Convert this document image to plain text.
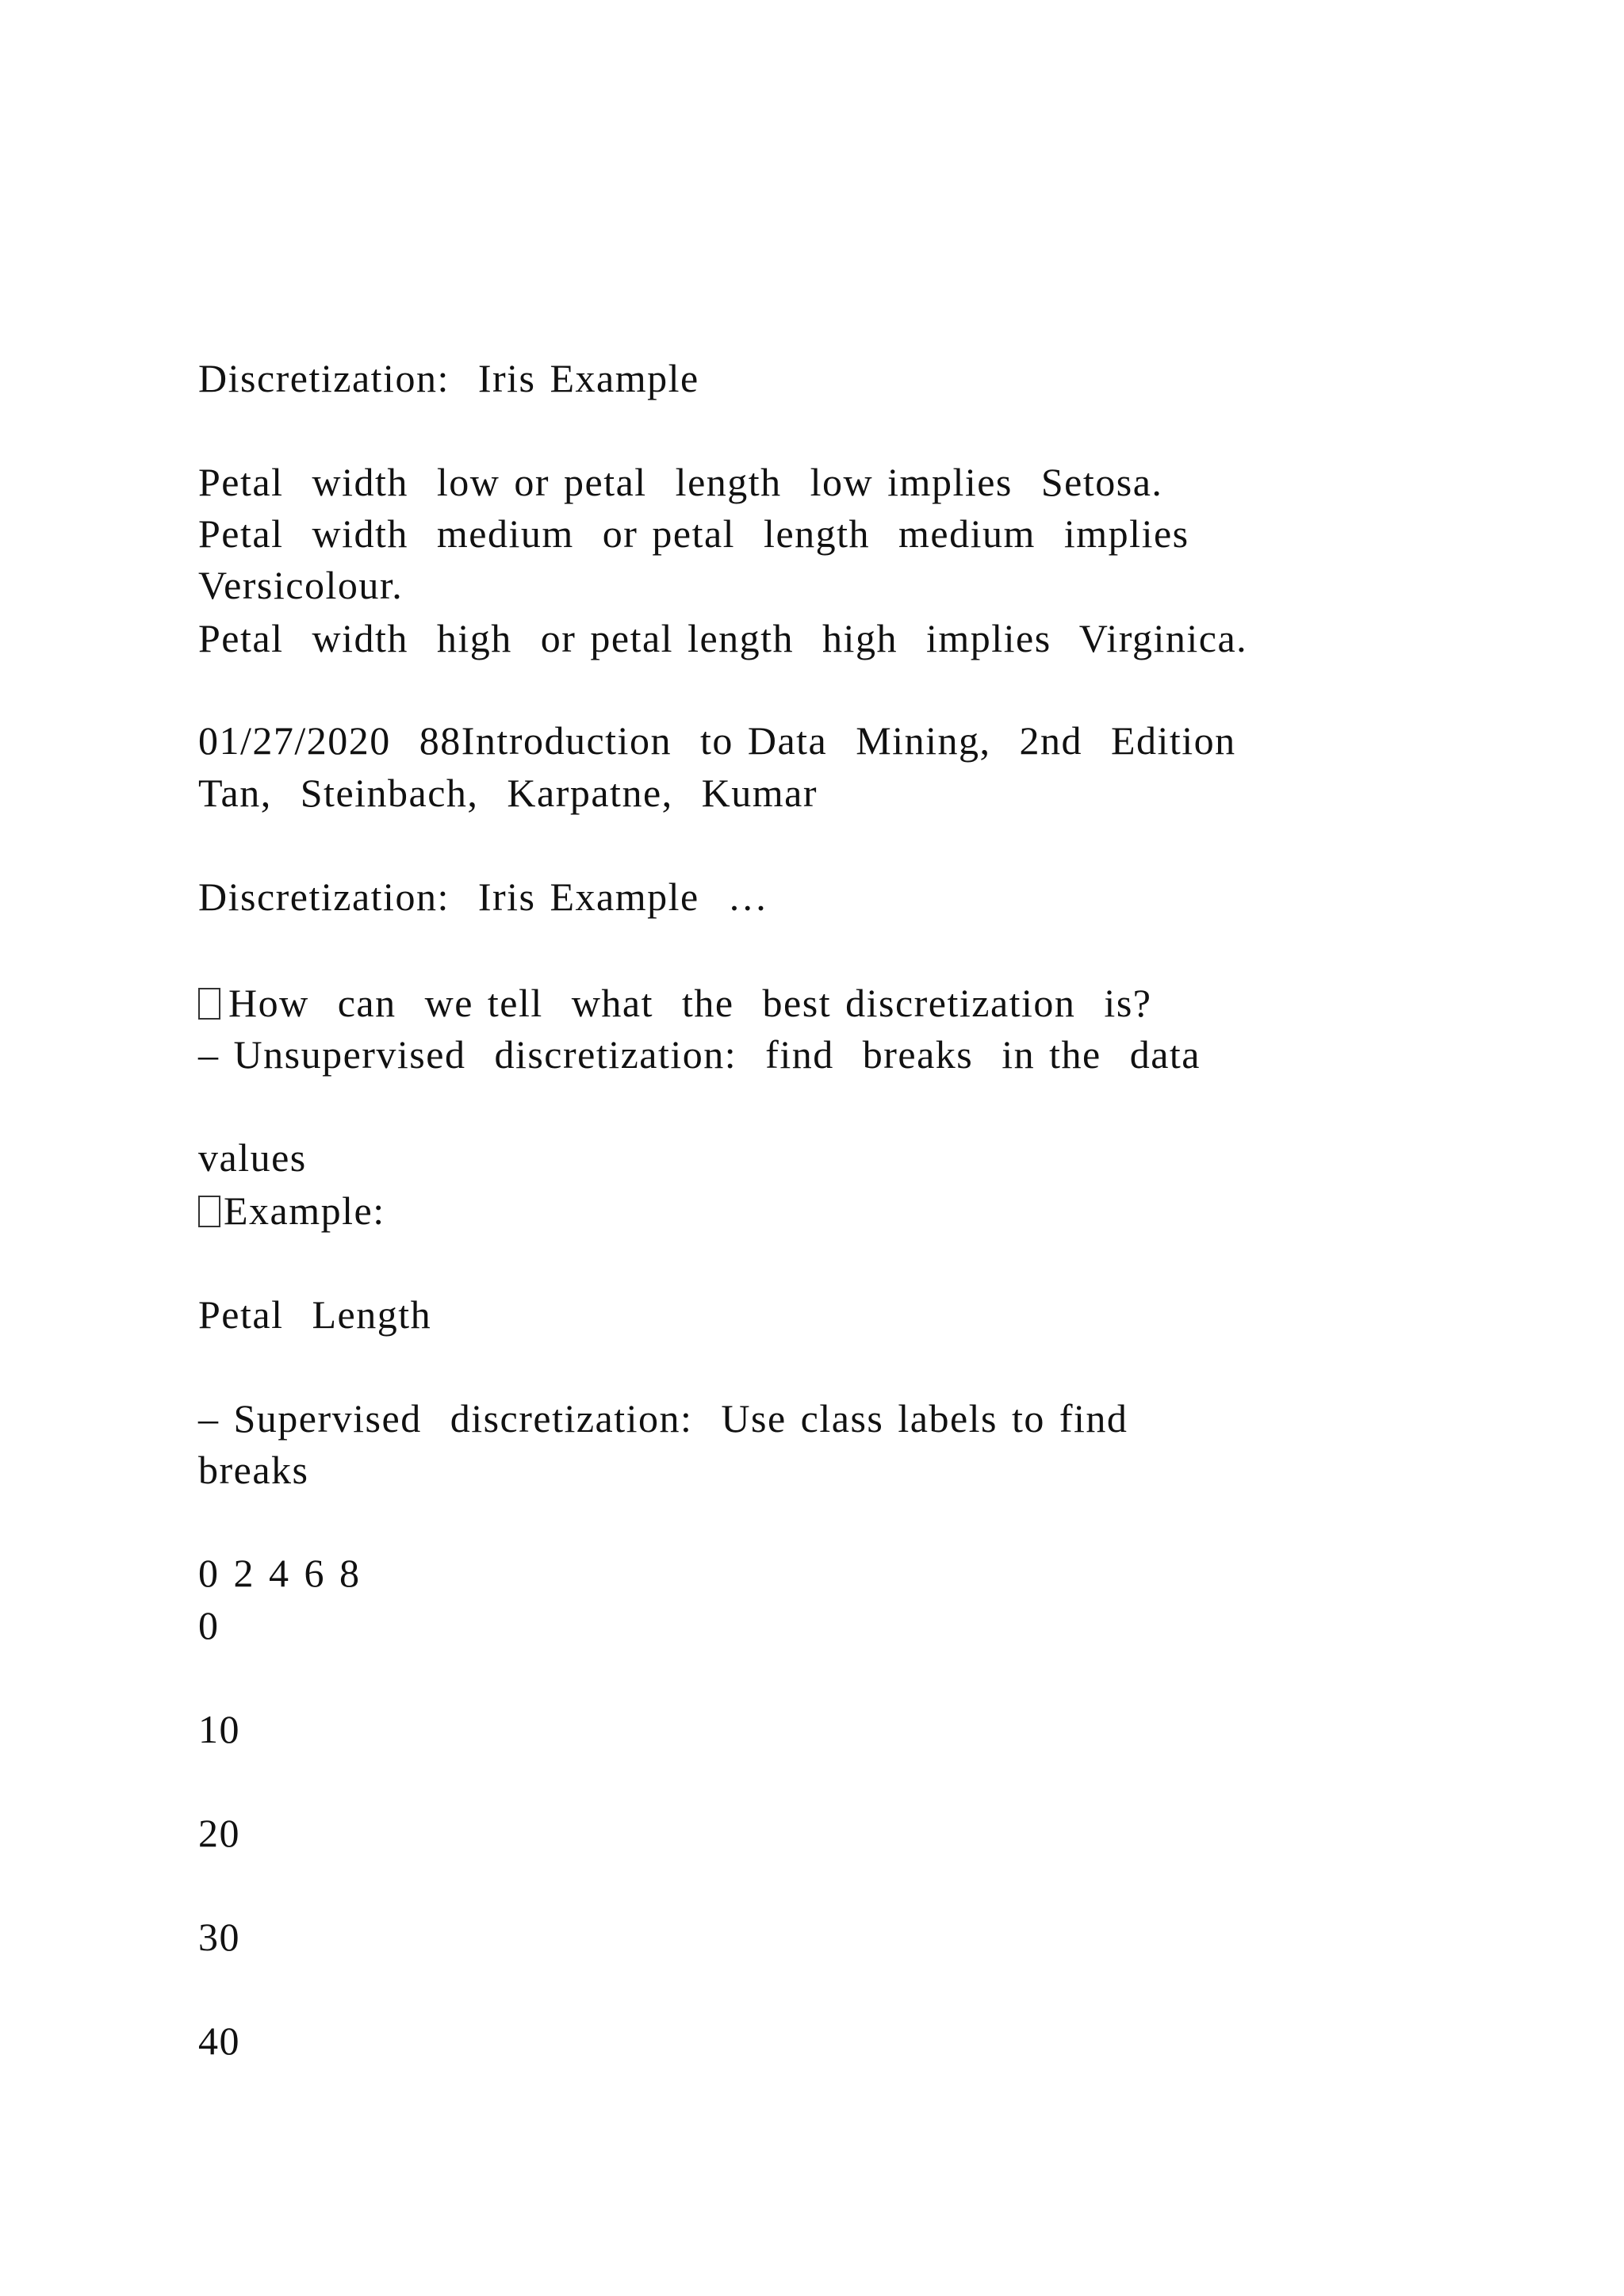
Discretization:  Iris Example
Petal  width  low or petal  length  low implies  Setosa.
Petal  width  medium  or petal  length  medium  implies
Versicolour.
Petal  width  high  or petal length  high  implies  Virginica.
01/27/2020  88Introduction  to Data  Mining,  2nd  Edition
Tan,  Steinbach,  Karpatne,  Kumar
Discretization:  Iris Example  …
How  can  we tell  what  the  best discretization  is?
– Unsupervised  discretization:  find  breaks  in the  data
values
Example:
Petal  Length
– Supervised  discretization:  Use class labels to find
breaks
0 2 4 6 8
0
10
20
30
40
